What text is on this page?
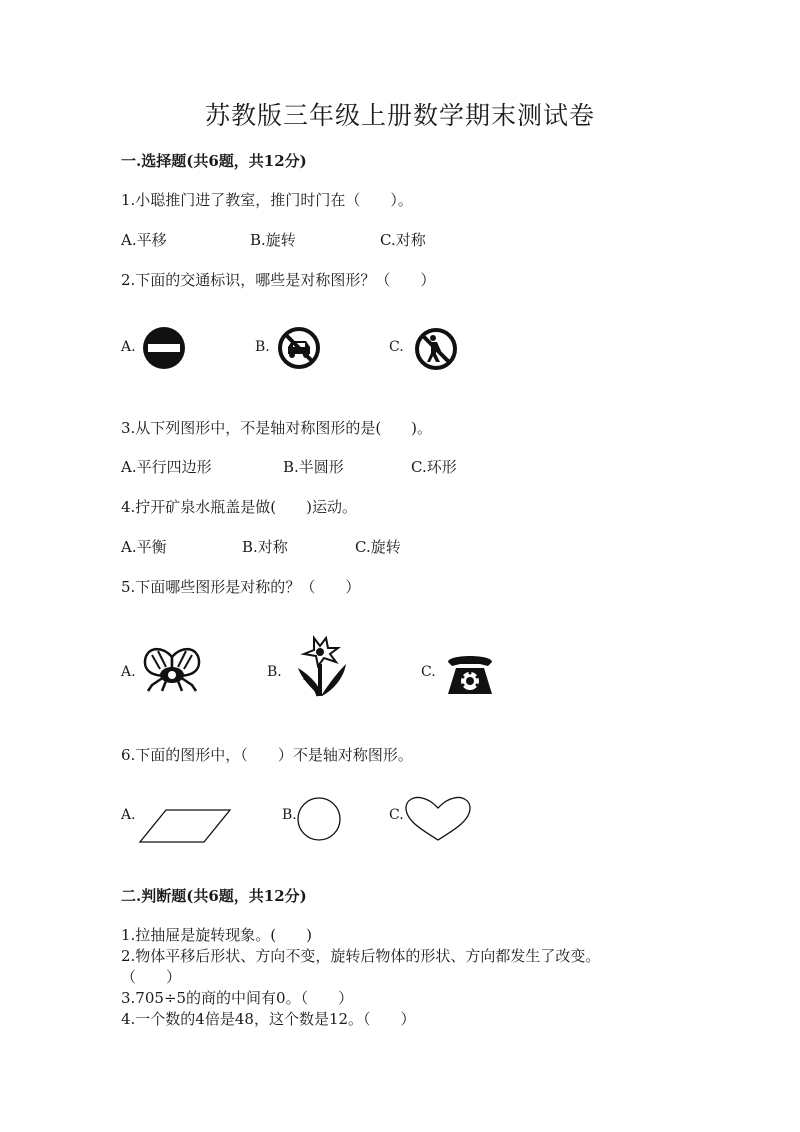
苏教版三年级上册数学期末测试卷
一.选择题(共6题，共12分)
1.小聪推门进了教室，推门时门在（　　）。
A.平移	B.旋转	C.对称
2.下面的交通标识，哪些是对称图形？（　　）
A.	B.	C.
3.从下列图形中，不是轴对称图形的是(　　)。
A.平行四边形	B.半圆形	C.环形
4.拧开矿泉水瓶盖是做(　　)运动。
A.平衡	B.对称	C.旋转
5.下面哪些图形是对称的？（　　）
A.	B.	C.
6.下面的图形中，（　　）不是轴对称图形。
A.	B.	C.
二.判断题(共6题，共12分)
1.拉抽屉是旋转现象。(　　)
2.物体平移后形状、方向不变，旋转后物体的形状、方向都发生了改变。
（　　）
3.705÷5的商的中间有0。（　　）
4.一个数的4倍是48，这个数是12。（　　）
